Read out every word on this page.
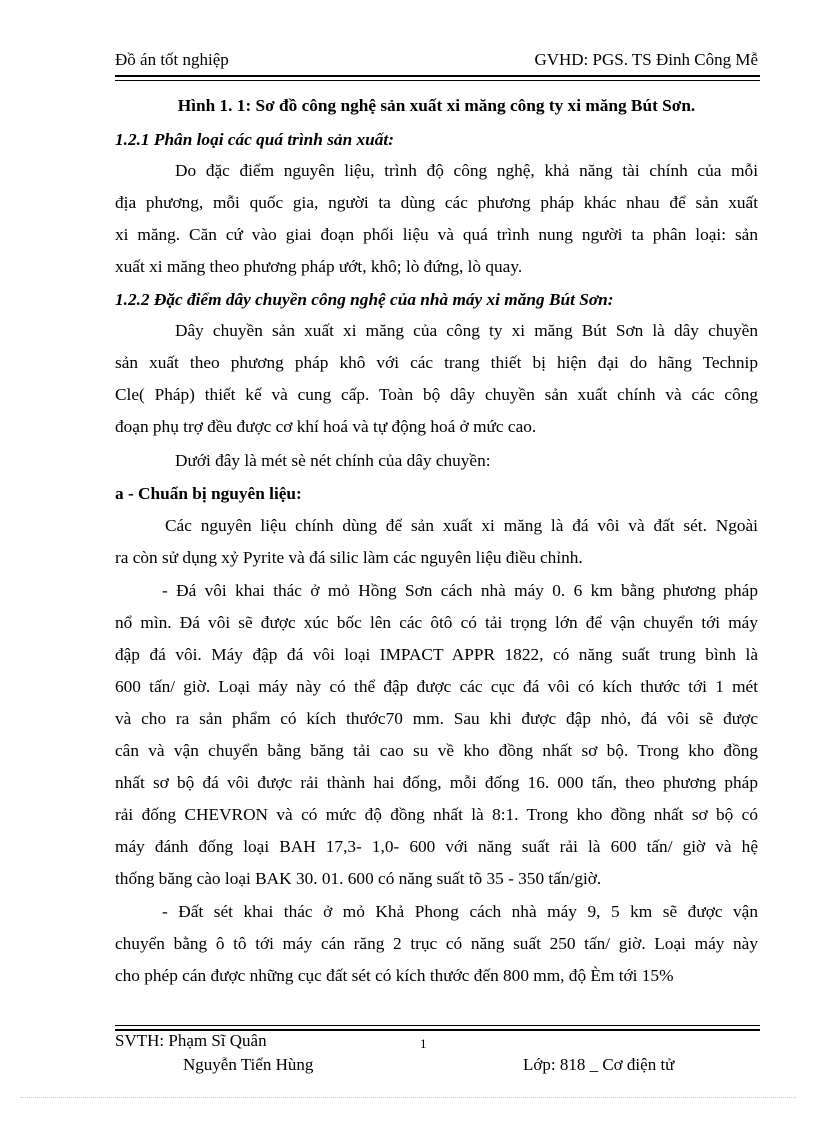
Đồ án tốt nghiệp	GVHD: PGS. TS Đinh Công Mễ
Hình 1. 1: Sơ đồ công nghệ sản xuất xi măng công ty xi măng Bút Sơn.
1.2.1 Phân loại các quá trình sản xuất:
Do đặc điểm nguyên liệu, trình độ công nghệ, khả năng tài chính của mỗi
địa phương, mỗi quốc gia, người ta dùng các phương pháp khác nhau để sản xuất
xi măng. Căn cứ vào giai đoạn phối liệu và quá trình nung người ta phân loại: sản
xuất xi măng theo phương pháp ướt, khô; lò đứng, lò quay.
1.2.2 Đặc điểm dây chuyền công nghệ của nhà máy xi măng Bút Sơn:
Dây chuyền sản xuất xi măng của công ty xi măng Bút Sơn là dây chuyền
sản xuất theo phương pháp khô với các trang thiết bị hiện đại do hãng Technip
Cle( Pháp) thiết kế và cung cấp. Toàn bộ dây chuyền sản xuất chính và các công
đoạn phụ trợ đều được cơ khí hoá và tự động hoá ở mức cao.
Dưới đây là mét sè nét chính của dây chuyền:
a - Chuẩn bị nguyên liệu:
Các nguyên liệu chính dùng để sản xuất xi măng là đá vôi và đất sét. Ngoài
ra còn sử dụng xỷ Pyrite và đá silic làm các nguyên liệu điều chỉnh.
- Đá vôi khai thác ở mỏ Hồng Sơn cách nhà máy 0. 6 km bằng phương pháp
nổ mìn. Đá vôi sẽ được xúc bốc lên các ôtô có tải trọng lớn để vận chuyển tới máy
đập đá vôi. Máy đập đá vôi loại IMPACT APPR 1822, có năng suất trung bình là
600 tấn/ giờ. Loại máy này có thể đập được các cục đá vôi có kích thước tới 1 mét
và cho ra sản phẩm có kích thước70 mm. Sau khi được đập nhỏ, đá vôi sẽ được
cân và vận chuyển bằng băng tải cao su về kho đồng nhất sơ bộ. Trong kho đồng
nhất sơ bộ đá vôi được rải thành hai đống, mỗi đống 16. 000 tấn, theo phương pháp
rải đống CHEVRON và có mức độ đồng nhất là 8:1. Trong kho đồng nhất sơ bộ có
máy đánh đống loại BAH 17,3- 1,0- 600 với năng suất rải là 600 tấn/ giờ và hệ
thống băng cào loại BAK 30. 01. 600 có năng suất tõ 35 - 350 tấn/giờ.
- Đất sét khai thác ở mỏ Khả Phong cách nhà máy 9, 5 km sẽ được vận
chuyển bằng ô tô tới máy cán răng 2 trục có năng suất 250 tấn/ giờ. Loại máy này
cho phép cán được những cục đất sét có kích thước đến 800 mm, độ Èm tới 15%
SVTH: Phạm Sĩ Quân	1
Nguyễn Tiến Hùng	Lớp: 818 _ Cơ điện tử
